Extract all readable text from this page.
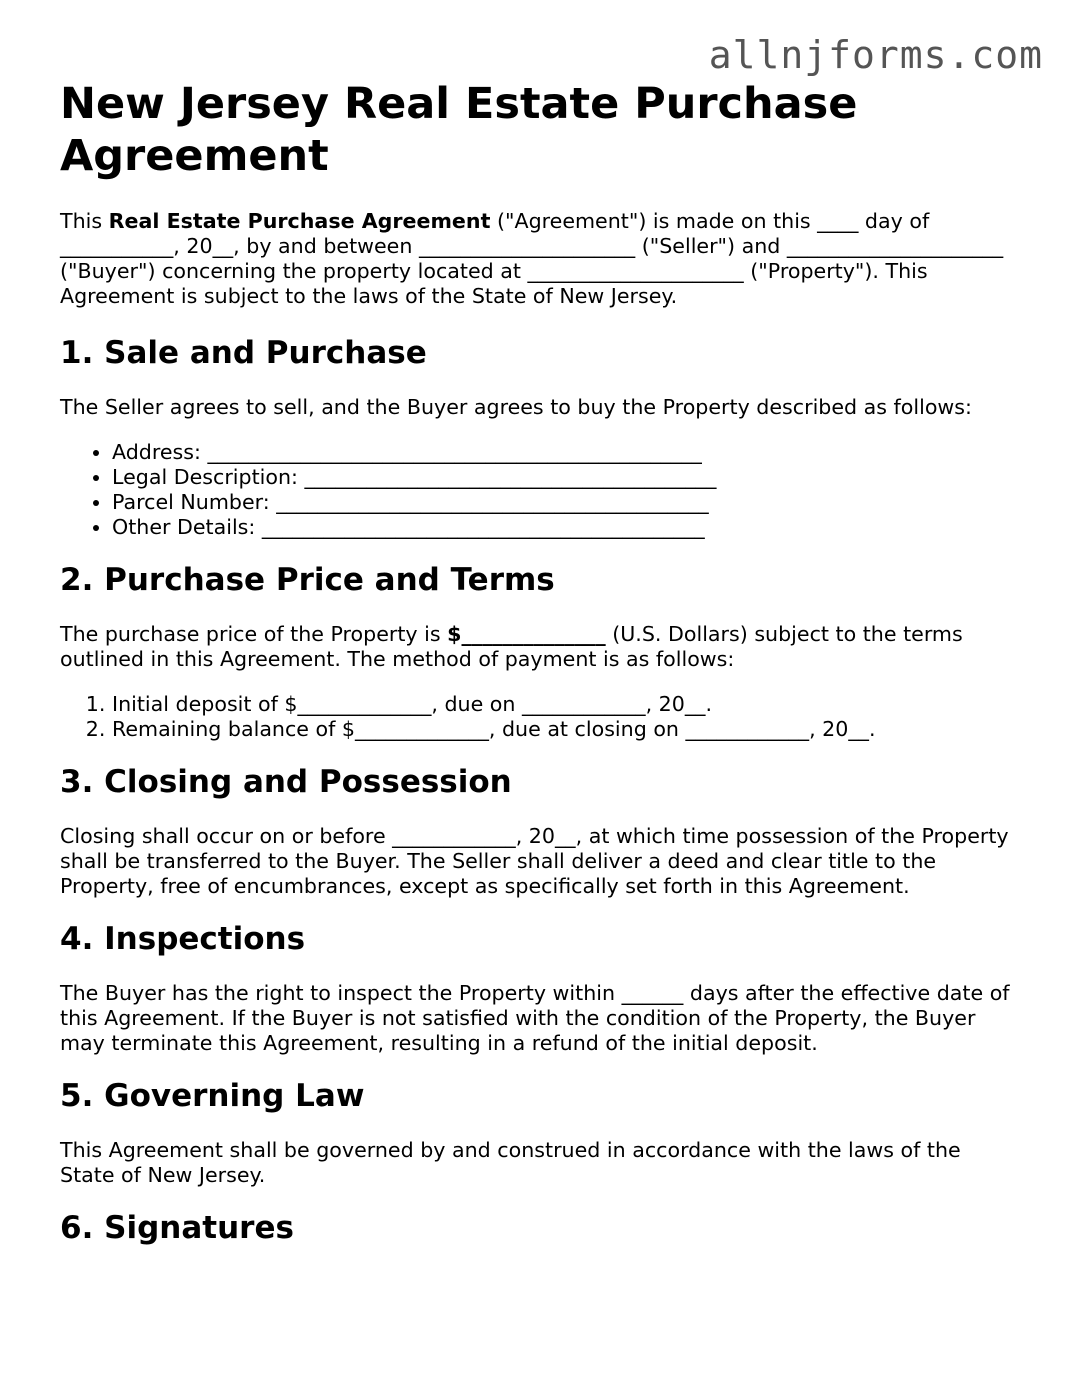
allnjforms.com
New Jersey Real Estate Purchase Agreement

This Real Estate Purchase Agreement ("Agreement") is made on this ____ day of ___________, 20__, by and between _____________________ ("Seller") and _____________________ ("Buyer") concerning the property located at _____________________ ("Property"). This Agreement is subject to the laws of the State of New Jersey.

1. Sale and Purchase

The Seller agrees to sell, and the Buyer agrees to buy the Property described as follows:

• Address: ________________________________________________
• Legal Description: ________________________________________
• Parcel Number: __________________________________________
• Other Details: ___________________________________________
2. Purchase Price and Terms

The purchase price of the Property is $______________ (U.S. Dollars) subject to the terms outlined in this Agreement. The method of payment is as follows:

1. Initial deposit of $_____________, due on ____________, 20__.
2. Remaining balance of $_____________, due at closing on ____________, 20__.
3. Closing and Possession

Closing shall occur on or before ____________, 20__, at which time possession of the Property shall be transferred to the Buyer. The Seller shall deliver a deed and clear title to the Property, free of encumbrances, except as specifically set forth in this Agreement.

4. Inspections

The Buyer has the right to inspect the Property within ______ days after the effective date of this Agreement. If the Buyer is not satisfied with the condition of the Property, the Buyer may terminate this Agreement, resulting in a refund of the initial deposit.

5. Governing Law

This Agreement shall be governed by and construed in accordance with the laws of the State of New Jersey.

6. Signatures
